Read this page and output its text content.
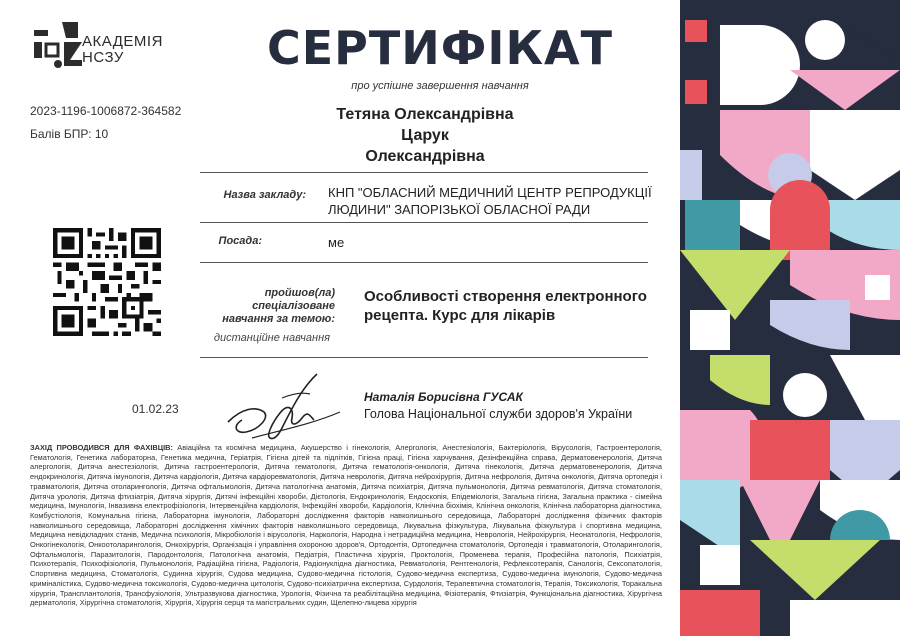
АКАДЕМІЯ
НСЗУ	СЕРТИФІКАТ
про успішне завершення навчання
2023-1196-1006872-364582
Балів БПР: 10
Тетяна Олександрівна
Царук
Олександрівна
Назва закладу: КНП "ОБЛАСНИЙ МЕДИЧНИЙ ЦЕНТР РЕПРОДУКЦІЇ
ЛЮДИНИ" ЗАПОРІЗЬКОЇ ОБЛАСНОЇ РАДИ
Посада:	ме
пройшов(ла)
спеціалізоване
навчання за темою:
Особливості створення електронного
рецепта. Курс для лікарів
дистанційне навчання
01.02.23
Наталія Борисівна ГУСАК
Голова Національної служби здоров'я України
ЗАХІД ПРОВОДИВСЯ ДЛЯ ФАХІВЦІВ: Авіаційна та космічна медицина, Акушерство і гінекологія, Алергологія, Анестезіологія, Бактеріологія, Вірусологія, Гастроентерологія, Гематологія, Генетика лабораторна, Генетика медична, Геріатрія, Гігієна дітей та підлітків, Гігієна праці, Гігієна харчування, Дезінфекційна справа, Дерматовенерологія, Дитяча алергологія, Дитяча анестезіологія, Дитяча гастроентерологія, Дитяча гематологія, Дитяча гематологія-онкологія, Дитяча гінекологія, Дитяча дерматовенерологія, Дитяча ендокринологія, Дитяча імунологія, Дитяча кардіологія, Дитяча кардіоревматологія, Дитяча неврологія, Дитяча нейрохірургія, Дитяча нефрологія, Дитяча онкологія, Дитяча ортопедія і травматологія, Дитяча отоларингологія, Дитяча офтальмологія, Дитяча патологічна анатомія, Дитяча психіатрія, Дитяча пульмонологія, Дитяча ревматологія, Дитяча стоматологія, Дитяча урологія, Дитяча фтизіатрія, Дитяча хірургія, Дитячі інфекційні хвороби, Дієтологія, Ендокринологія, Ендоскопія, Епідеміологія, Загальна гігієна, Загальна практика - сімейна медицина, Імунологія, Інвазивна електрофізіологія, Інтервенційна кардіологія, Інфекційні хвороби, Кардіологія, Клінічна біохімія, Клінічна онкологія, Клінічна лабораторна діагностика, Комбустіологія, Комунальна гігієна, Лабораторна імунологія, Лабораторні дослідження факторів навколишнього середовища, Лабораторні дослідження фізичних факторів навколишнього середовища, Лабораторні дослідження хімічних факторів навколишнього середовища, Лікувальна фізкультура, Лікувальна фізкультура і спортивна медицина, Медицина невідкладних станів, Медична психологія, Мікробіологія і вірусологія, Наркологія, Народна і нетрадиційна медицина, Неврологія, Нейрохірургія, Неонатологія, Нефрологія, Онкогінекологія, Онкоотоларингологія, Онкохірургія, Організація і управління охороною здоров'я, Ортодонтія, Ортопедична стоматологія, Ортопедія і травматологія, Отоларингологія, Офтальмологія, Паразитологія, Пародонтологія, Патологічна анатомія, Педіатрія, Пластична хірургія, Проктологія, Променева терапія, Професійна патологія, Психіатрія, Психотерапія, Психофізіологія, Пульмонологія, Радіаційна гігієна, Радіологія, Радіонуклідна діагностика, Ревматологія, Рентгенологія, Рефлексотерапія, Санологія, Сексопатологія, Спортивна медицина, Стоматологія, Судинна хірургія, Судова медицина, Судово-медична гістологія, Судово-медична експертиза, Судово-медична імунологія, Судово-медична криміналістика, Судово-медична токсикологія, Судово-медична цитологія, Судово-психіатрична експертиза, Сурдологія, Терапевтична стоматологія, Терапія, Токсикологія, Торакальна хірургія, Трансплантологія, Трансфузіологія, Ультразвукова діагностика, Урологія, Фізична та реабілітаційна медицина, Фізіотерапія, Фтизіатрія, Функціональна діагностика, Хірургічна дерматологія, Хірургічна стоматологія, Хірургія, Хірургія серця та магістральних судин, Щелепно-лицева хірургія
